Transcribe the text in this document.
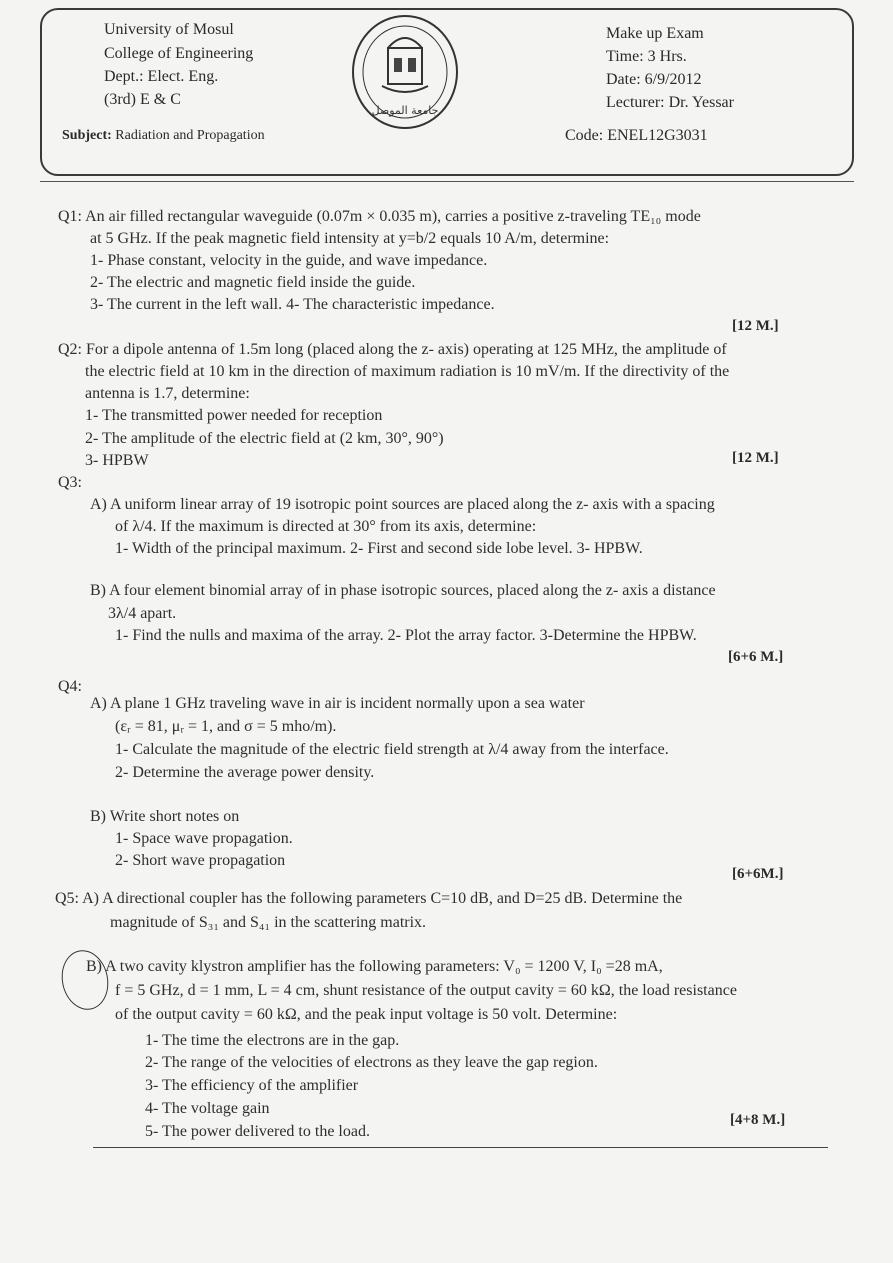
University of Mosul
College of Engineering
Dept.: Elect. Eng.
(3rd) E & C
Make up Exam
Time: 3 Hrs.
Date: 6/9/2012
Lecturer: Dr. Yessar
جامعة الموصل
Subject: Radiation and Propagation	Code: ENEL12G3031
Q1: An air filled rectangular waveguide (0.07m × 0.035 m), carries a positive z-traveling TE₁₀ mode
at 5 GHz. If the peak magnetic field intensity at y=b/2 equals 10 A/m, determine:
1- Phase constant, velocity in the guide, and wave impedance.
2- The electric and magnetic field inside the guide.
3- The current in the left wall. 4- The characteristic impedance.
[12 M.]
Q2: For a dipole antenna of 1.5m long (placed along the z- axis) operating at 125 MHz, the amplitude of
the electric field at 10 km in the direction of maximum radiation is 10 mV/m. If the directivity of the
antenna is 1.7, determine:
1- The transmitted power needed for reception
2- The amplitude of the electric field at (2 km, 30°, 90°)
3- HPBW	[12 M.]
Q3:
A) A uniform linear array of 19 isotropic point sources are placed along the z- axis with a spacing
of λ/4. If the maximum is directed at 30° from its axis, determine:
1- Width of the principal maximum. 2- First and second side lobe level. 3- HPBW.
B) A four element binomial array of in phase isotropic sources, placed along the z- axis a distance
3λ/4 apart.
1- Find the nulls and maxima of the array. 2- Plot the array factor. 3-Determine the HPBW.
[6+6 M.]
Q4:
A) A plane 1 GHz traveling wave in air is incident normally upon a sea water
(εᵣ = 81, μᵣ = 1, and σ = 5 mho/m).
1- Calculate the magnitude of the electric field strength at λ/4 away from the interface.
2- Determine the average power density.
B) Write short notes on
1- Space wave propagation.
2- Short wave propagation
[6+6M.]
Q5: A) A directional coupler has the following parameters C=10 dB, and D=25 dB. Determine the
magnitude of S₃₁ and S₄₁ in the scattering matrix.
B) A two cavity klystron amplifier has the following parameters: V₀ = 1200 V, I₀ =28 mA,
f = 5 GHz, d = 1 mm, L = 4 cm, shunt resistance of the output cavity = 60 kΩ, the load resistance
of the output cavity = 60 kΩ, and the peak input voltage is 50 volt. Determine:
1- The time the electrons are in the gap.
2- The range of the velocities of electrons as they leave the gap region.
3- The efficiency of the amplifier
4- The voltage gain
5- The power delivered to the load.
[4+8 M.]
